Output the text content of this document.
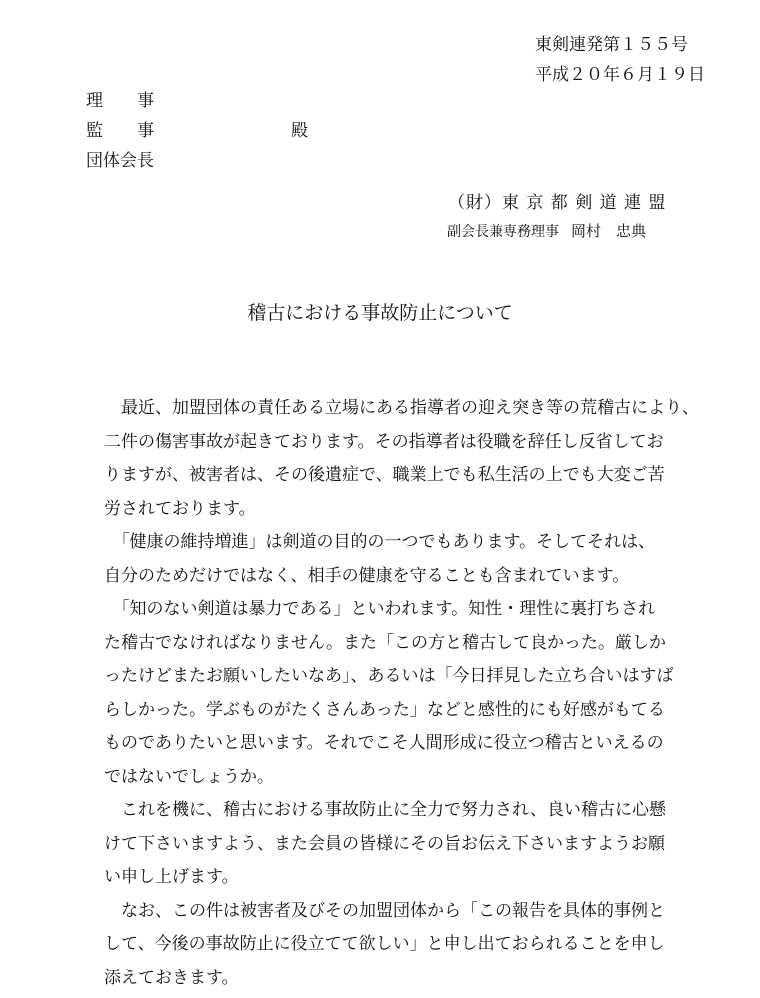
東剣連発第１５５号
平成２０年６月１９日
理　　事
監　　事
団体会長
殿
（財）東 京 都 剣 道 連 盟
副会長兼専務理事 岡村　忠典
稽古における事故防止について
　最近、加盟団体の責任ある立場にある指導者の迎え突き等の荒稽古により、
二件の傷害事故が起きております。その指導者は役職を辞任し反省してお
りますが、被害者は、その後遺症で、職業上でも私生活の上でも大変ご苦
労されております。
　「健康の維持増進」は剣道の目的の一つでもあります。そしてそれは、
自分のためだけではなく、相手の健康を守ることも含まれています。
　「知のない剣道は暴力である」といわれます。知性・理性に裏打ちされ
た稽古でなければなりません。また「この方と稽古して良かった。厳しか
ったけどまたお願いしたいなあ」、あるいは「今日拝見した立ち合いはすば
らしかった。学ぶものがたくさんあった」などと感性的にも好感がもてる
ものでありたいと思います。それでこそ人間形成に役立つ稽古といえるの
ではないでしょうか。
　これを機に、稽古における事故防止に全力で努力され、良い稽古に心懸
けて下さいますよう、また会員の皆様にその旨お伝え下さいますようお願
い申し上げます。
　なお、この件は被害者及びその加盟団体から「この報告を具体的事例と
して、今後の事故防止に役立てて欲しい」と申し出ておられることを申し
添えておきます。
